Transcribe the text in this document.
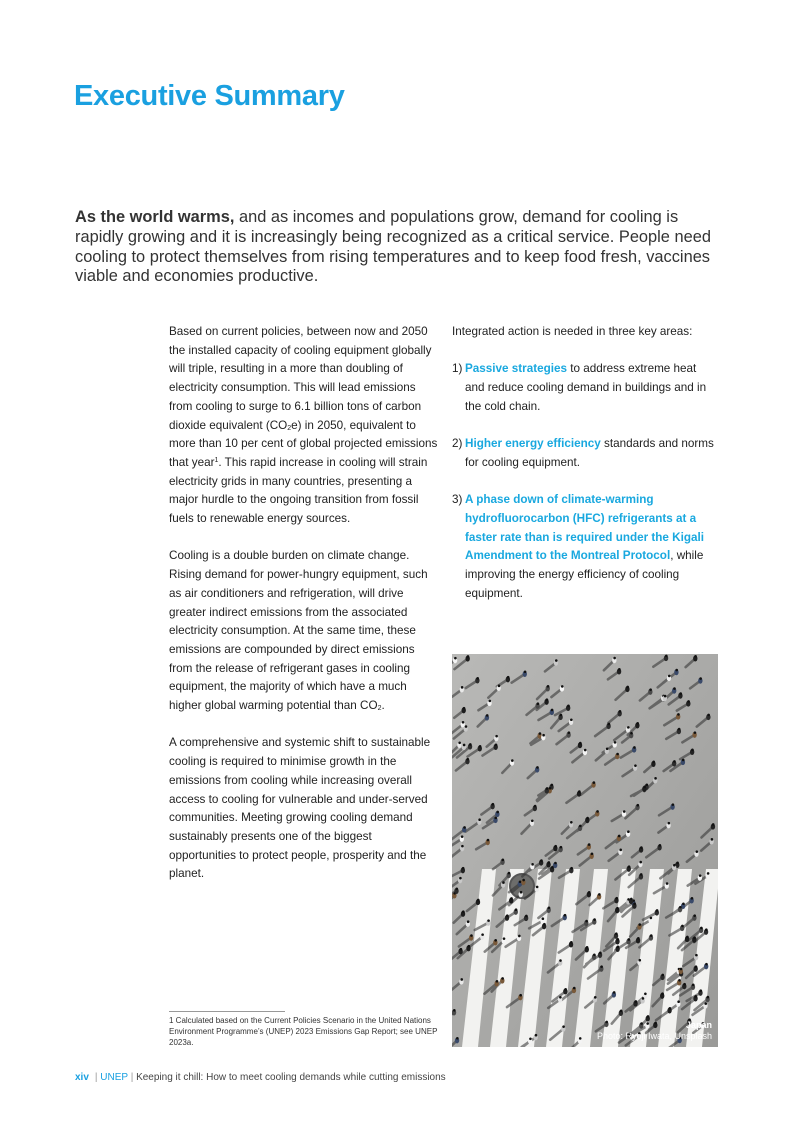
Executive Summary

As the world warms, and as incomes and populations grow, demand for cooling is rapidly growing and it is increasingly being recognized as a critical service. People need cooling to protect themselves from rising temperatures and to keep food fresh, vaccines viable and economies productive.

Based on current policies, between now and 2050 the installed capacity of cooling equipment globally will triple, resulting in a more than doubling of electricity consumption. This will lead emissions from cooling to surge to 6.1 billion tons of carbon dioxide equivalent $(CO_2e)$ in 2050, equivalent to more than 10 per cent of global projected emissions that year$^1$. This rapid increase in cooling will strain electricity grids in many countries, presenting a major hurdle to the ongoing transition from fossil fuels to renewable energy sources.

Cooling is a double burden on climate change. Rising demand for power-hungry equipment, such as air conditioners and refrigeration, will drive greater indirect emissions from the associated electricity consumption. At the same time, these emissions are compounded by direct emissions from the release of refrigerant gases in cooling equipment, the majority of which have a much higher global warming potential than $CO_2$.

A comprehensive and systemic shift to sustainable cooling is required to minimise growth in the emissions from cooling while increasing overall access to cooling for vulnerable and under-served communities. Meeting growing cooling demand sustainably presents one of the biggest opportunities to protect people, prosperity and the planet.

Integrated action is needed in three key areas:

1) Passive strategies to address extreme heat and reduce cooling demand in buildings and in the cold chain.
2) Higher energy efficiency standards and norms for cooling equipment.
3) A phase down of climate-warming hydrofluorocarbon (HFC) refrigerants at a faster rate than is required under the Kigali Amendment to the Montreal Protocol, while improving the energy efficiency of cooling equipment.
Japan
Photo: Ryoji Iwata, Unsplash
1 Calculated based on the Current Policies Scenario in the United Nations Environment Programme’s (UNEP) 2023 Emissions Gap Report; see UNEP 2023a.
xiv | UNEP | Keeping it chill: How to meet cooling demands while cutting emissions
